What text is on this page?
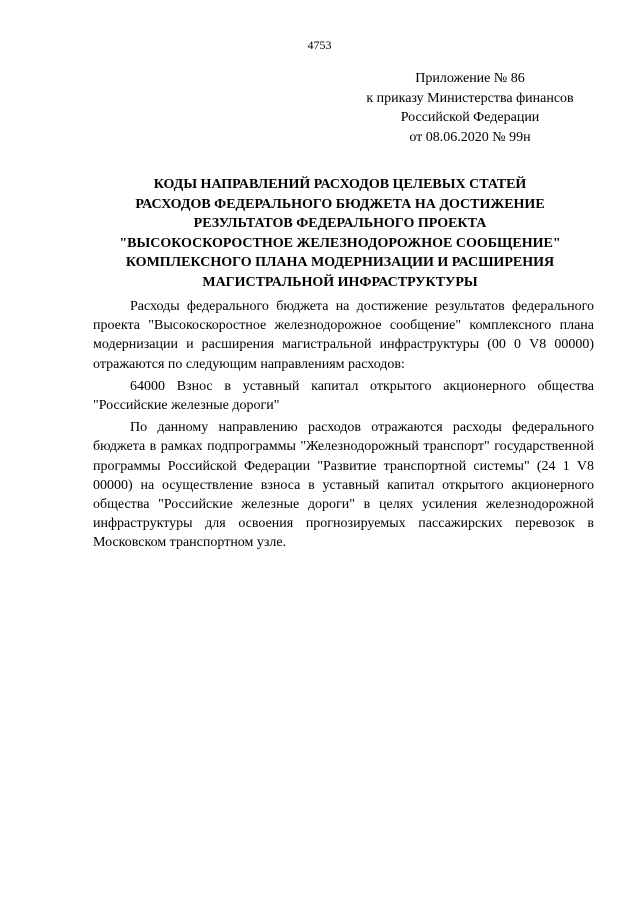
4753
Приложение № 86
к приказу Министерства финансов
Российской Федерации
от 08.06.2020 № 99н
КОДЫ НАПРАВЛЕНИЙ РАСХОДОВ ЦЕЛЕВЫХ СТАТЕЙ
РАСХОДОВ ФЕДЕРАЛЬНОГО БЮДЖЕТА НА ДОСТИЖЕНИЕ
РЕЗУЛЬТАТОВ ФЕДЕРАЛЬНОГО ПРОЕКТА
"ВЫСОКОСКОРОСТНОЕ ЖЕЛЕЗНОДОРОЖНОЕ СООБЩЕНИЕ"
КОМПЛЕКСНОГО ПЛАНА МОДЕРНИЗАЦИИ И РАСШИРЕНИЯ
МАГИСТРАЛЬНОЙ ИНФРАСТРУКТУРЫ

Расходы федерального бюджета на достижение результатов федерального проекта "Высокоскоростное железнодорожное сообщение" комплексного плана модернизации и расширения магистральной инфраструктуры (00 0 V8 00000) отражаются по следующим направлениям расходов:

64000 Взнос в уставный капитал открытого акционерного общества "Российские железные дороги"

По данному направлению расходов отражаются расходы федерального бюджета в рамках подпрограммы "Железнодорожный транспорт" государственной программы Российской Федерации "Развитие транспортной системы" (24 1 V8 00000) на осуществление взноса в уставный капитал открытого акционерного общества "Российские железные дороги" в целях усиления железнодорожной инфраструктуры для освоения прогнозируемых пассажирских перевозок в Московском транспортном узле.
